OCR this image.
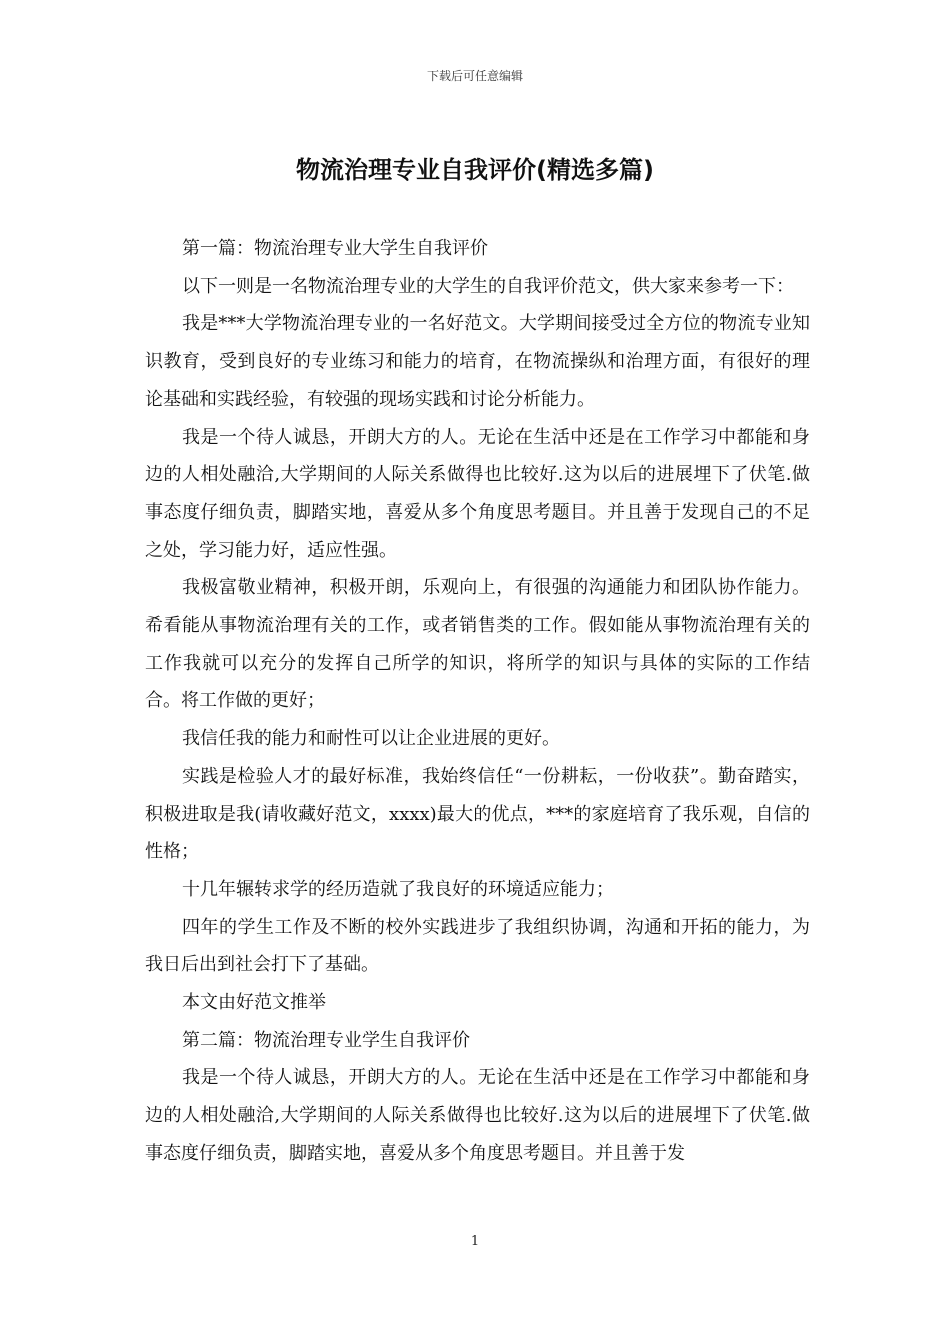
下载后可任意编辑
物流治理专业自我评价(精选多篇)

第一篇：物流治理专业大学生自我评价

以下一则是一名物流治理专业的大学生的自我评价范文，供大家来参考一下：

我是***大学物流治理专业的一名好范文。大学期间接受过全方位的物流专业知识教育，受到良好的专业练习和能力的培育，在物流操纵和治理方面，有很好的理论基础和实践经验，有较强的现场实践和讨论分析能力。

我是一个待人诚恳，开朗大方的人。无论在生活中还是在工作学习中都能和身边的人相处融洽,大学期间的人际关系做得也比较好.这为以后的进展埋下了伏笔.做事态度仔细负责，脚踏实地，喜爱从多个角度思考题目。并且善于发现自己的不足之处，学习能力好，适应性强。

我极富敬业精神，积极开朗，乐观向上，有很强的沟通能力和团队协作能力。希看能从事物流治理有关的工作，或者销售类的工作。假如能从事物流治理有关的工作我就可以充分的发挥自己所学的知识，将所学的知识与具体的实际的工作结合。将工作做的更好；

我信任我的能力和耐性可以让企业进展的更好。

实践是检验人才的最好标准，我始终信任“一份耕耘，一份收获”。勤奋踏实，积极进取是我(请收藏好范文，xxxx)最大的优点，***的家庭培育了我乐观，自信的性格；

十几年辗转求学的经历造就了我良好的环境适应能力；

四年的学生工作及不断的校外实践进步了我组织协调，沟通和开拓的能力，为我日后出到社会打下了基础。

本文由好范文推举

第二篇：物流治理专业学生自我评价

我是一个待人诚恳，开朗大方的人。无论在生活中还是在工作学习中都能和身边的人相处融洽,大学期间的人际关系做得也比较好.这为以后的进展埋下了伏笔.做事态度仔细负责，脚踏实地，喜爱从多个角度思考题目。并且善于发

1
